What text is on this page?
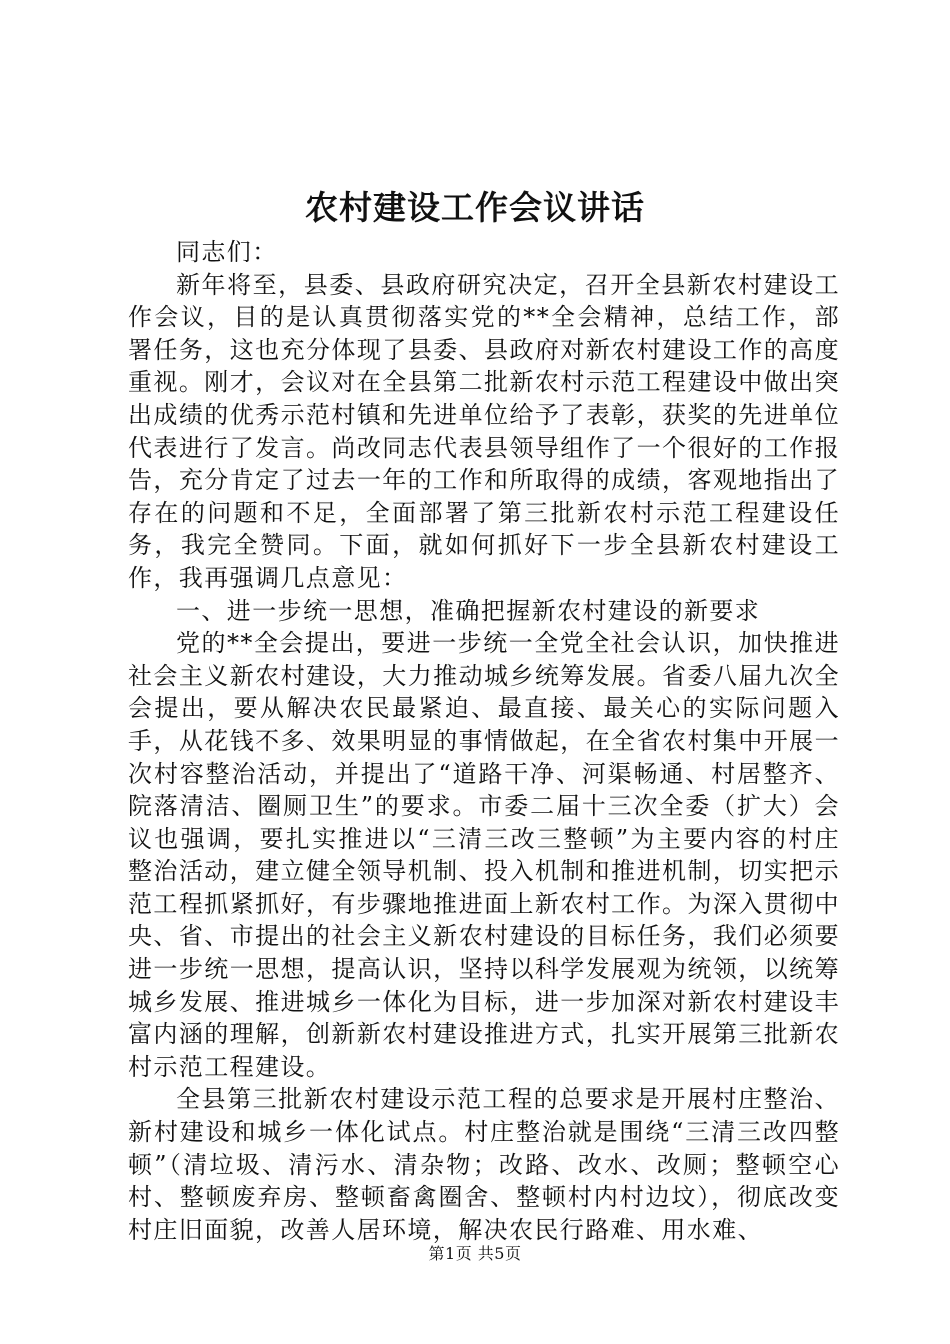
农村建设工作会议讲话

同志们：

新年将至，县委、县政府研究决定，召开全县新农村建设工作会议，目的是认真贯彻落实党的**全会精神，总结工作，部署任务，这也充分体现了县委、县政府对新农村建设工作的高度重视。刚才，会议对在全县第二批新农村示范工程建设中做出突出成绩的优秀示范村镇和先进单位给予了表彰，获奖的先进单位代表进行了发言。尚改同志代表县领导组作了一个很好的工作报告，充分肯定了过去一年的工作和所取得的成绩，客观地指出了存在的问题和不足，全面部署了第三批新农村示范工程建设任务，我完全赞同。下面，就如何抓好下一步全县新农村建设工作，我再强调几点意见：

一、进一步统一思想，准确把握新农村建设的新要求

党的**全会提出，要进一步统一全党全社会认识，加快推进社会主义新农村建设，大力推动城乡统筹发展。省委八届九次全会提出，要从解决农民最紧迫、最直接、最关心的实际问题入手，从花钱不多、效果明显的事情做起，在全省农村集中开展一次村容整治活动，并提出了“道路干净、河渠畅通、村居整齐、院落清洁、圈厕卫生”的要求。市委二届十三次全委（扩大）会议也强调，要扎实推进以“三清三改三整顿”为主要内容的村庄整治活动，建立健全领导机制、投入机制和推进机制，切实把示范工程抓紧抓好，有步骤地推进面上新农村工作。为深入贯彻中央、省、市提出的社会主义新农村建设的目标任务，我们必须要进一步统一思想，提高认识，坚持以科学发展观为统领，以统筹城乡发展、推进城乡一体化为目标，进一步加深对新农村建设丰富内涵的理解，创新新农村建设推进方式，扎实开展第三批新农村示范工程建设。

全县第三批新农村建设示范工程的总要求是开展村庄整治、新村建设和城乡一体化试点。村庄整治就是围绕“三清三改四整顿”（清垃圾、清污水、清杂物；改路、改水、改厕；整顿空心村、整顿废弃房、整顿畜禽圈舍、整顿村内村边坟），彻底改变村庄旧面貌，改善人居环境，解决农民行路难、用水难、

第1页 共5页
